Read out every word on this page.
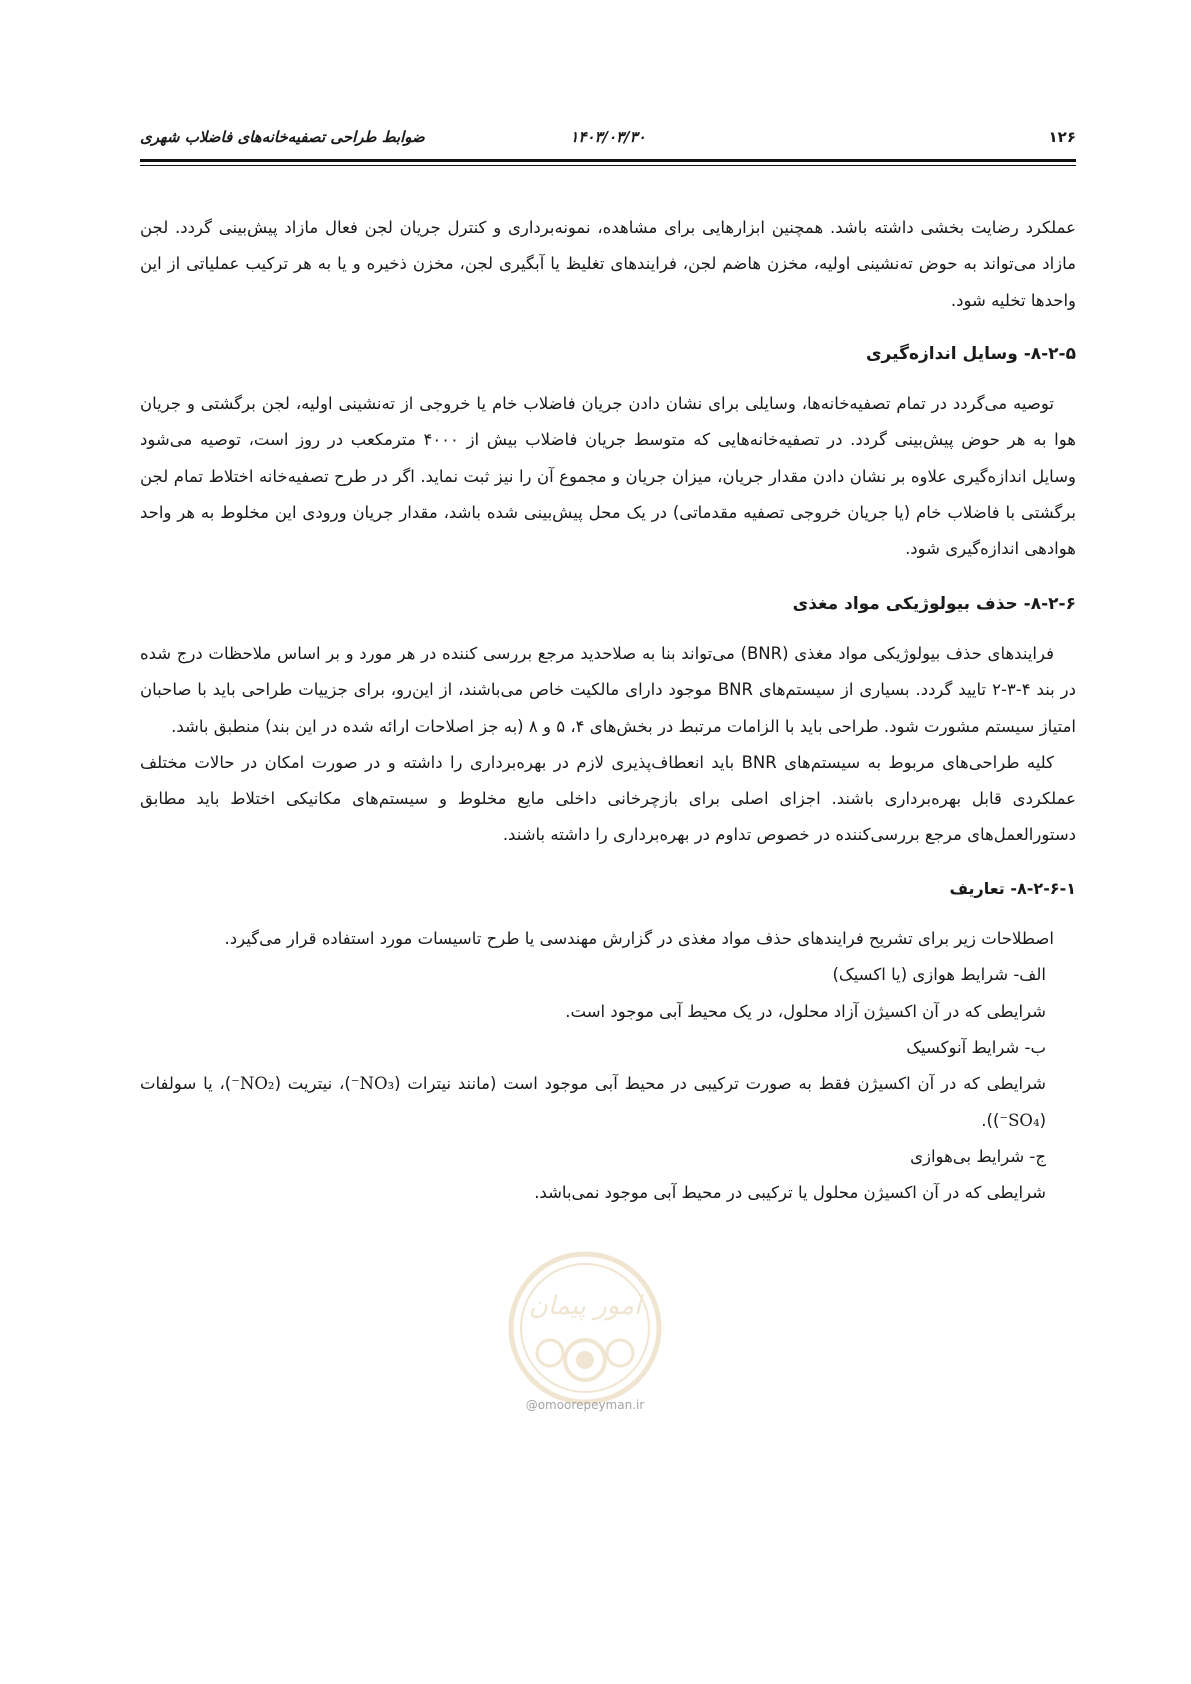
۱۲۶
۱۴۰۳/۰۳/۳۰
ضوابط طراحی تصفیه‌خانه‌های فاضلاب شهری

عملکرد رضایت بخشی داشته باشد. همچنین ابزارهایی برای مشاهده، نمونه‌برداری و کنترل جریان لجن فعال مازاد پیش‌بینی گردد. لجن مازاد می‌تواند به حوض ته‌نشینی اولیه، مخزن هاضم لجن، فرایندهای تغلیظ یا آبگیری لجن، مخزن ذخیره و یا به هر ترکیب عملیاتی از این واحدها تخلیه شود.

۸-۲-۵- وسایل اندازه‌گیری

توصیه می‌گردد در تمام تصفیه‌خانه‌ها، وسایلی برای نشان دادن جریان فاضلاب خام یا خروجی از ته‌نشینی اولیه، لجن برگشتی و جریان هوا به هر حوض پیش‌بینی گردد. در تصفیه‌خانه‌هایی که متوسط جریان فاضلاب بیش از ۴۰۰۰ مترمکعب در روز است، توصیه می‌شود وسایل اندازه‌گیری علاوه بر نشان دادن مقدار جریان، میزان جریان و مجموع آن را نیز ثبت نماید. اگر در طرح تصفیه‌خانه اختلاط تمام لجن برگشتی با فاضلاب خام (یا جریان خروجی تصفیه مقدماتی) در یک محل پیش‌بینی شده باشد، مقدار جریان ورودی این مخلوط به هر واحد هوادهی اندازه‌گیری شود.

۸-۲-۶- حذف بیولوژیکی مواد مغذی

فرایندهای حذف بیولوژیکی مواد مغذی (BNR) می‌تواند بنا به صلاحدید مرجع بررسی کننده در هر مورد و بر اساس ملاحظات درج شده در بند ۴-۳-۲ تایید گردد. بسیاری از سیستم‌های BNR موجود دارای مالکیت خاص می‌باشند، از این‌رو، برای جزییات طراحی باید با صاحبان امتیاز سیستم مشورت شود. طراحی باید با الزامات مرتبط در بخش‌های ۴، ۵ و ۸ (به جز اصلاحات ارائه شده در این بند) منطبق باشد.

کلیه طراحی‌های مربوط به سیستم‌های BNR باید انعطاف‌پذیری لازم در بهره‌برداری را داشته و در صورت امکان در حالات مختلف عملکردی قابل بهره‌برداری باشند. اجزای اصلی برای بازچرخانی داخلی مایع مخلوط و سیستم‌های مکانیکی اختلاط باید مطابق دستورالعمل‌های مرجع بررسی‌کننده در خصوص تداوم در بهره‌برداری را داشته باشند.

۸-۲-۶-۱- تعاریف

اصطلاحات زیر برای تشریح فرایندهای حذف مواد مغذی در گزارش مهندسی یا طرح تاسیسات مورد استفاده قرار می‌گیرد.

الف- شرایط هوازی (یا اکسیک)

شرایطی که در آن اکسیژن آزاد محلول، در یک محیط آبی موجود است.

ب- شرایط آنوکسیک

شرایطی که در آن اکسیژن فقط به صورت ترکیبی در محیط آبی موجود است (مانند نیترات (NO₃⁻)، نیتریت (NO₂⁻)، یا سولفات (SO₄⁻)).

ج- شرایط بی‌هوازی

شرایطی که در آن اکسیژن محلول یا ترکیبی در محیط آبی موجود نمی‌باشد.

امور پیمان
@omoorepeyman.ir
